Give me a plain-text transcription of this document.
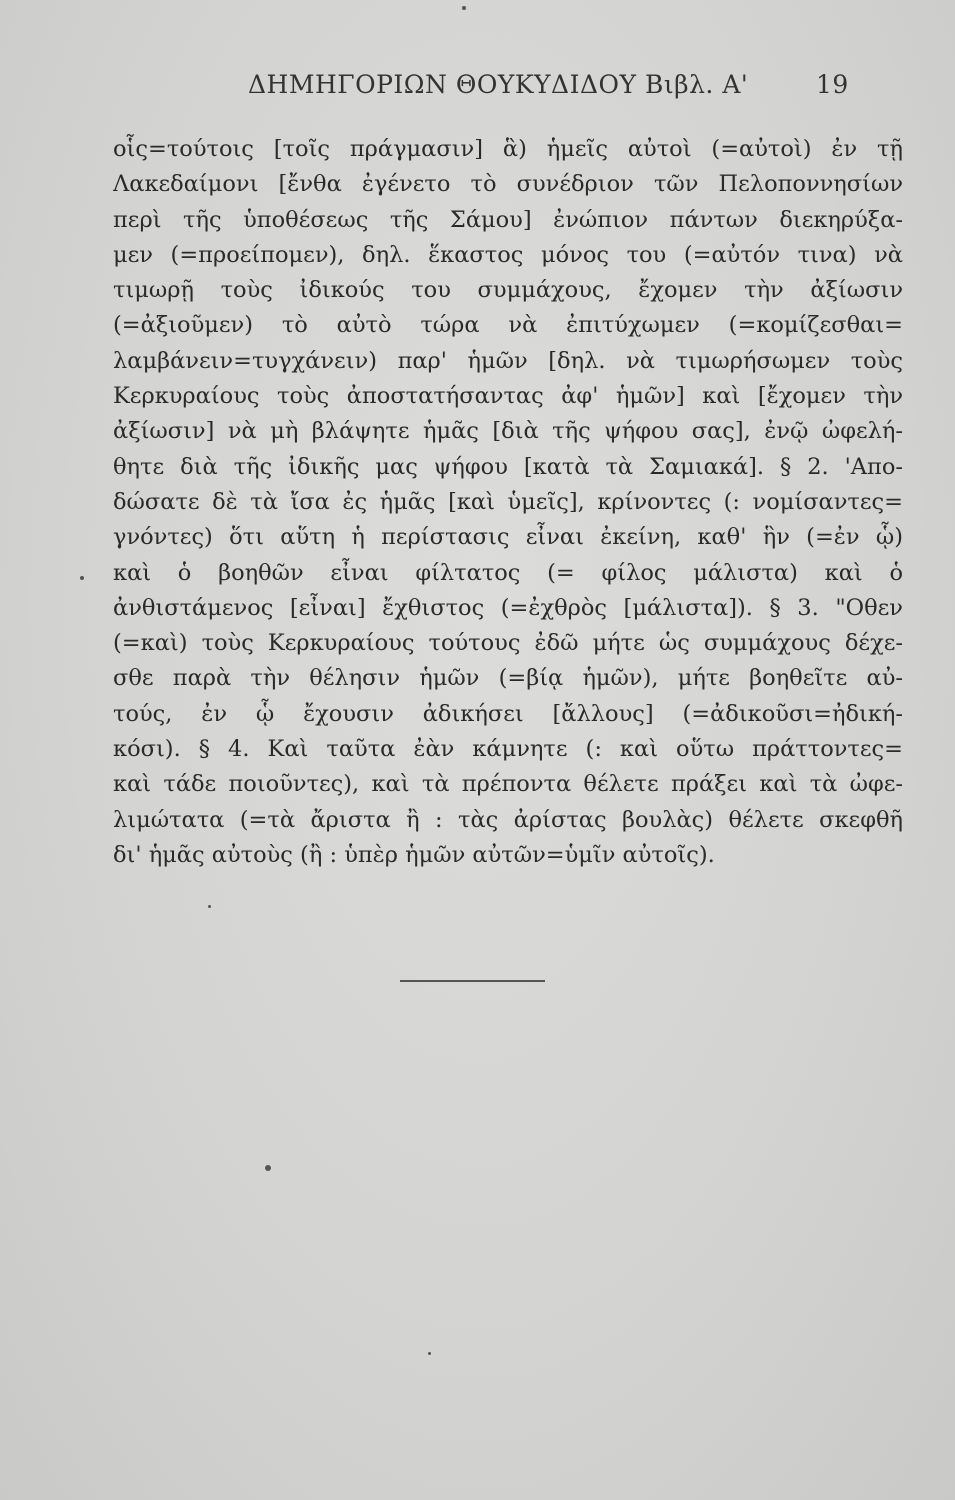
ΔΗΜΗΓΟΡΙΩΝ ΘΟΥΚΥΔΙΔΟΥ Βιβλ. Α'	19
οἷς=τούτοις [τοῖς πράγμασιν] ἃ) ἡμεῖς αὐτοὶ (=αὐτοὶ) ἐν τῇ
Λακεδαίμονι [ἔνθα ἐγένετο τὸ συνέδριον τῶν Πελοποννησίων
περὶ τῆς ὑποθέσεως τῆς Σάμου] ἐνώπιον πάντων διεκηρύξα-
μεν (=προείπομεν), δηλ. ἕκαστος μόνος του (=αὐτόν τινα) νὰ
τιμωρῇ τοὺς ἰδικούς του συμμάχους, ἔχομεν τὴν ἀξίωσιν
(=ἀξιοῦμεν) τὸ αὐτὸ τώρα νὰ ἐπιτύχωμεν (=κομίζεσθαι=
λαμβάνειν=τυγχάνειν) παρ' ἡμῶν [δηλ. νὰ τιμωρήσωμεν τοὺς
Κερκυραίους τοὺς ἀποστατήσαντας ἀφ' ἡμῶν] καὶ [ἔχομεν τὴν
ἀξίωσιν] νὰ μὴ βλάψητε ἡμᾶς [διὰ τῆς ψήφου σας], ἐνῷ ὠφελή-
θητε διὰ τῆς ἰδικῆς μας ψήφου [κατὰ τὰ Σαμιακά]. § 2. 'Απο-
δώσατε δὲ τὰ ἴσα ἐς ἡμᾶς [καὶ ὑμεῖς], κρίνοντες (: νομίσαντες=
γνόντες) ὅτι αὕτη ἡ περίστασις εἶναι ἐκείνη, καθ' ἣν (=ἐν ᾧ)
καὶ ὁ βοηθῶν εἶναι φίλτατος (= φίλος μάλιστα) καὶ ὁ
ἀνθιστάμενος [εἶναι] ἔχθιστος (=ἐχθρὸς [μάλιστα]). § 3. "Οθεν
(=καὶ) τοὺς Κερκυραίους τούτους ἐδῶ μήτε ὡς συμμάχους δέχε-
σθε παρὰ τὴν θέλησιν ἡμῶν (=βίᾳ ἡμῶν), μήτε βοηθεῖτε αὐ-
τούς, ἐν ᾧ ἔχουσιν ἀδικήσει [ἄλλους] (=ἀδικοῦσι=ἠδική-
κόσι). § 4. Καὶ ταῦτα ἐὰν κάμνητε (: καὶ οὕτω πράττοντες=
καὶ τάδε ποιοῦντες), καὶ τὰ πρέποντα θέλετε πράξει καὶ τὰ ὠφε-
λιμώτατα (=τὰ ἄριστα ἢ : τὰς ἀρίστας βουλὰς) θέλετε σκεφθῆ
δι' ἡμᾶς αὐτοὺς (ἢ : ὑπὲρ ἡμῶν αὐτῶν=ὑμῖν αὐτοῖς).
